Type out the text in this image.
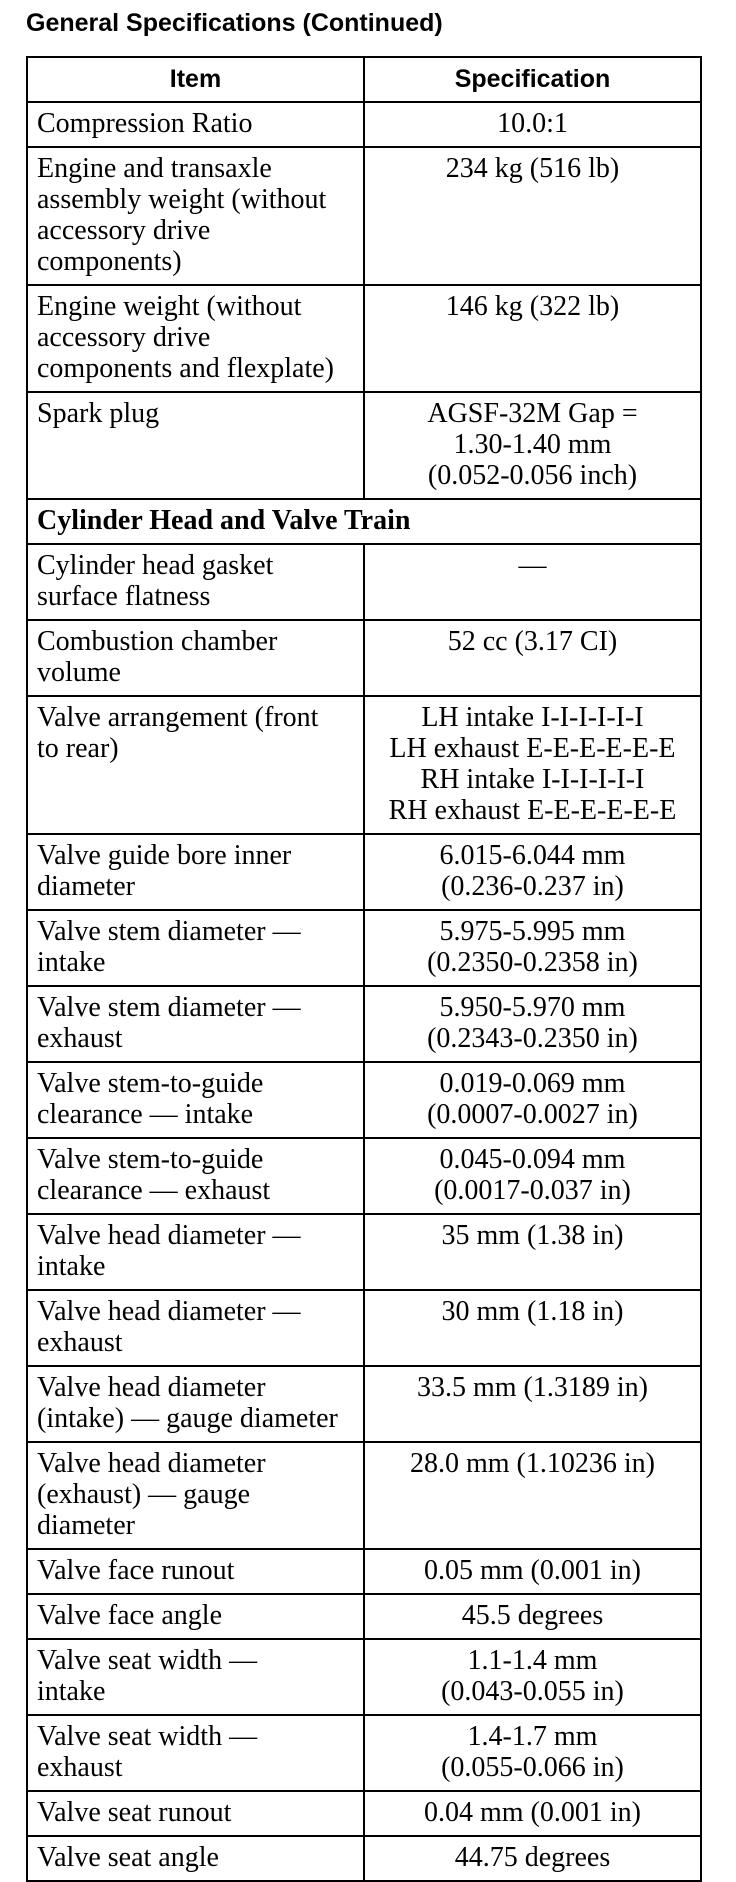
General Specifications (Continued)
Item	Specification

Compression Ratio	10.0:1

Engine and transaxle
assembly weight (without
accessory drive
components)	234 kg (516 lb)

Engine weight (without
accessory drive
components and flexplate)	146 kg (322 lb)

Spark plug	AGSF-32M Gap =
1.30-1.40 mm
(0.052-0.056 inch)

Cylinder Head and Valve Train	

Cylinder head gasket
surface flatness	—

Combustion chamber
volume	52 cc (3.17 CI)

Valve arrangement (front
to rear)	LH intake I-I-I-I-I-I
LH exhaust E-E-E-E-E-E
RH intake I-I-I-I-I-I
RH exhaust E-E-E-E-E-E

Valve guide bore inner
diameter	6.015-6.044 mm
(0.236-0.237 in)

Valve stem diameter —
intake	5.975-5.995 mm
(0.2350-0.2358 in)

Valve stem diameter —
exhaust	5.950-5.970 mm
(0.2343-0.2350 in)

Valve stem-to-guide
clearance — intake	0.019-0.069 mm
(0.0007-0.0027 in)

Valve stem-to-guide
clearance — exhaust	0.045-0.094 mm
(0.0017-0.037 in)

Valve head diameter —
intake	35 mm (1.38 in)

Valve head diameter —
exhaust	30 mm (1.18 in)

Valve head diameter
(intake) — gauge diameter	33.5 mm (1.3189 in)

Valve head diameter
(exhaust) — gauge
diameter	28.0 mm (1.10236 in)

Valve face runout	0.05 mm (0.001 in)

Valve face angle	45.5 degrees

Valve seat width —
intake	1.1-1.4 mm
(0.043-0.055 in)

Valve seat width —
exhaust	1.4-1.7 mm
(0.055-0.066 in)

Valve seat runout	0.04 mm (0.001 in)

Valve seat angle	44.75 degrees
